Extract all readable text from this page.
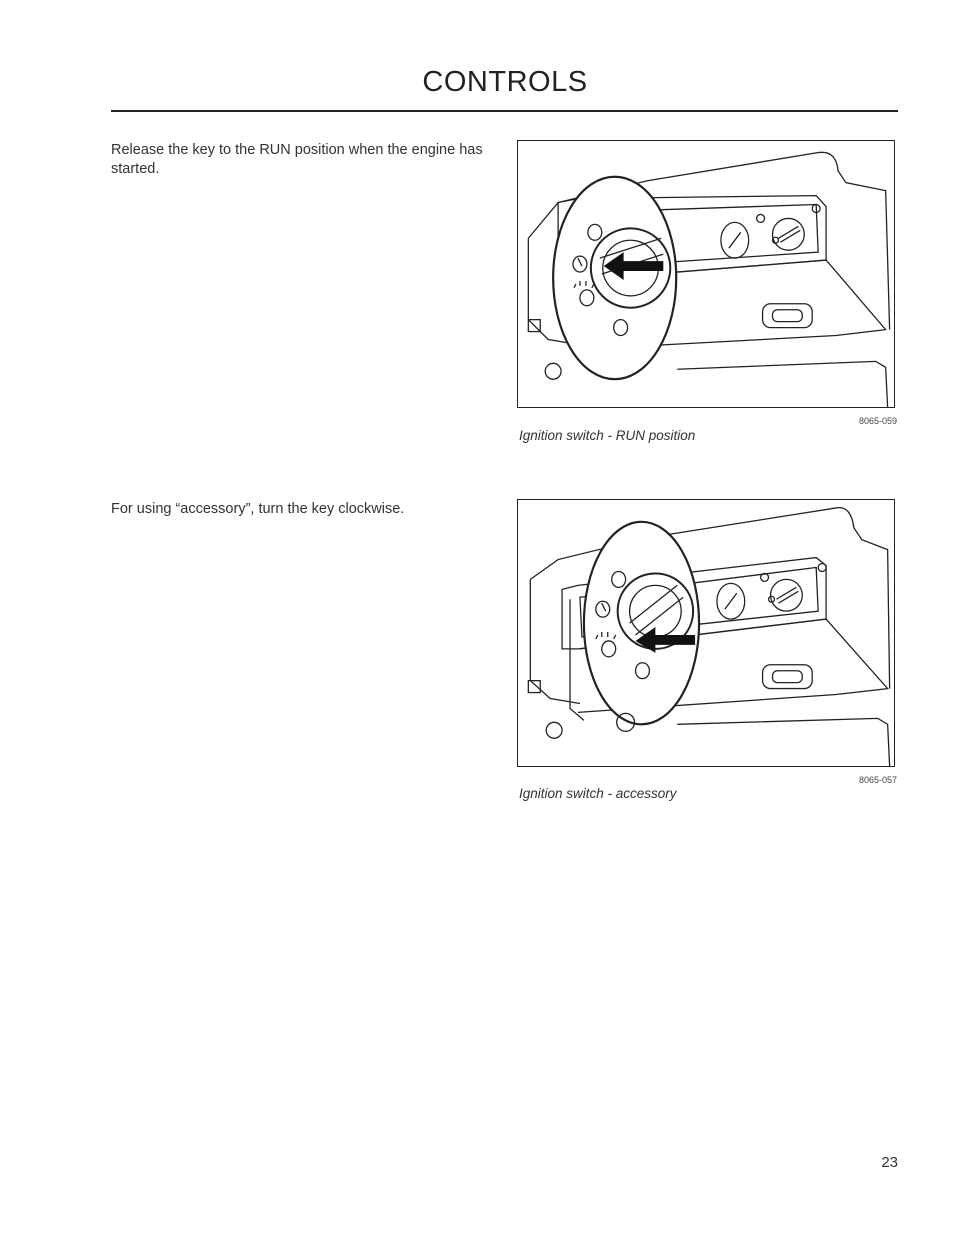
CONTROLS
Release the key to the RUN position when the engine has started.
8065-059
Ignition switch - RUN position
For using “accessory”, turn the key clockwise.
8065-057
Ignition switch - accessory
23
